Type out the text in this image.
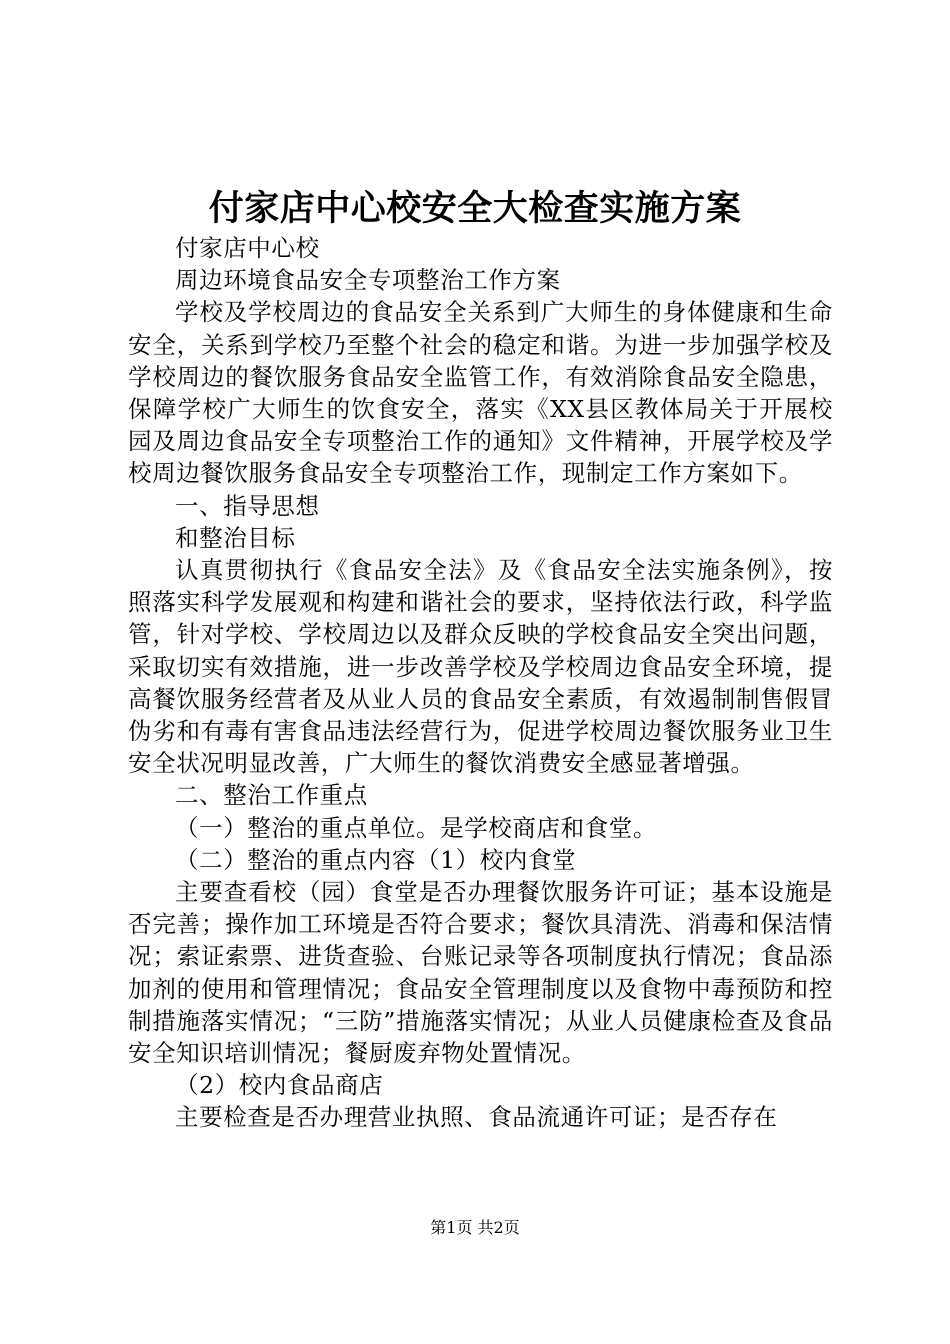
付家店中心校安全大检查实施方案

付家店中心校

周边环境食品安全专项整治工作方案

学校及学校周边的食品安全关系到广大师生的身体健康和生命安全，关系到学校乃至整个社会的稳定和谐。为进一步加强学校及学校周边的餐饮服务食品安全监管工作，有效消除食品安全隐患，保障学校广大师生的饮食安全，落实《XX县区教体局关于开展校园及周边食品安全专项整治工作的通知》文件精神，开展学校及学校周边餐饮服务食品安全专项整治工作，现制定工作方案如下。

一、指导思想

和整治目标

认真贯彻执行《食品安全法》及《食品安全法实施条例》，按照落实科学发展观和构建和谐社会的要求，坚持依法行政，科学监管，针对学校、学校周边以及群众反映的学校食品安全突出问题，采取切实有效措施，进一步改善学校及学校周边食品安全环境，提高餐饮服务经营者及从业人员的食品安全素质，有效遏制制售假冒伪劣和有毒有害食品违法经营行为，促进学校周边餐饮服务业卫生安全状况明显改善，广大师生的餐饮消费安全感显著增强。

二、整治工作重点

（一）整治的重点单位。是学校商店和食堂。

（二）整治的重点内容（1）校内食堂

主要查看校（园）食堂是否办理餐饮服务许可证；基本设施是否完善；操作加工环境是否符合要求；餐饮具清洗、消毒和保洁情况；索证索票、进货查验、台账记录等各项制度执行情况；食品添加剂的使用和管理情况；食品安全管理制度以及食物中毒预防和控制措施落实情况；“三防”措施落实情况；从业人员健康检查及食品安全知识培训情况；餐厨废弃物处置情况。

（2）校内食品商店

主要检查是否办理营业执照、食品流通许可证；是否存在

第1页 共2页
